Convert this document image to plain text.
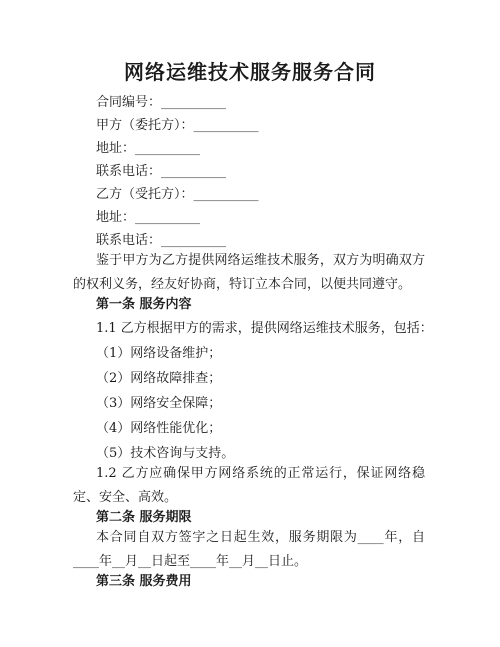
网络运维技术服务服务合同
合同编号：__________
甲方（委托方）：__________
地址：__________
联系电话：__________
乙方（受托方）：__________
地址：__________
联系电话：__________
鉴于甲方为乙方提供网络运维技术服务，双方为明确双方的权利义务，经友好协商，特订立本合同，以便共同遵守。
第一条 服务内容
1.1 乙方根据甲方的需求，提供网络运维技术服务，包括：
（1）网络设备维护；
（2）网络故障排查；
（3）网络安全保障；
（4）网络性能优化；
（5）技术咨询与支持。
1.2 乙方应确保甲方网络系统的正常运行，保证网络稳定、安全、高效。
第二条 服务期限
本合同自双方签字之日起生效，服务期限为____年，自____年__月__日起至____年__月__日止。
第三条 服务费用
